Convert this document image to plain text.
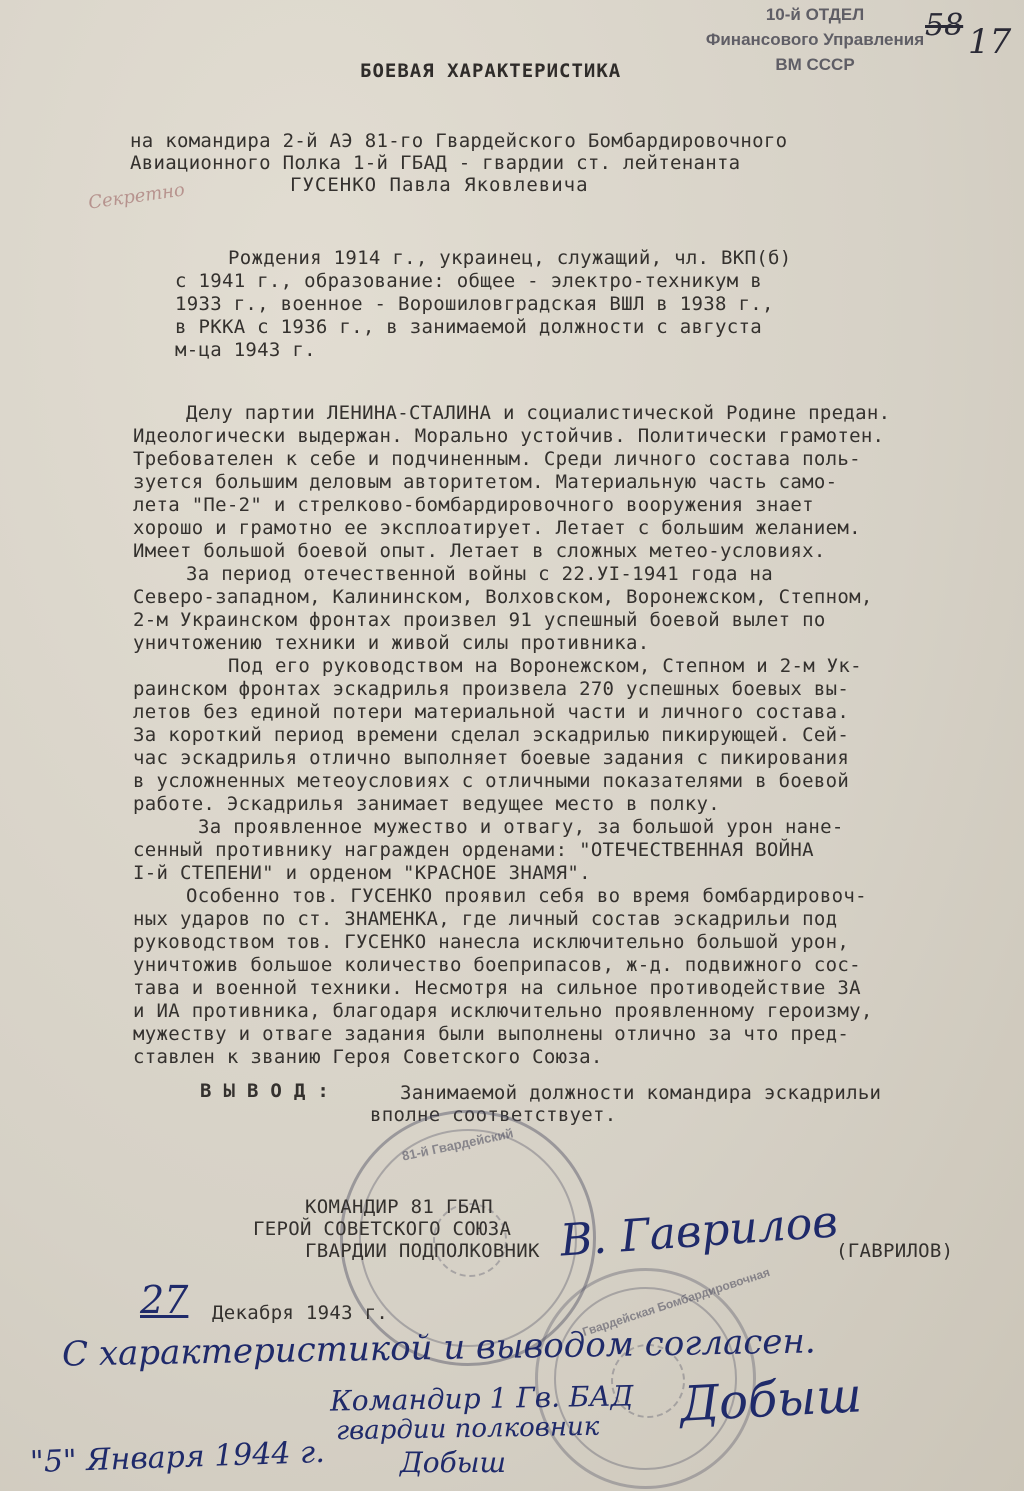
10-й ОТДЕЛ
Финансового Управления
ВМ СССР
58 17
Секретно
БОЕВАЯ ХАРАКТЕРИСТИКА
на командира 2-й АЭ 81-го Гвардейского Бомбардировочного
Авиационного Полка 1-й ГБАД - гвардии ст. лейтенанта
ГУСЕНКО Павла Яковлевича
Рождения 1914 г., украинец, служащий, чл. ВКП(б)
с 1941 г., образование: общее - электро-техникум в
1933 г., военное - Ворошиловградская ВШЛ в 1938 г.,
в РККА с 1936 г., в занимаемой должности с августа
м-ца 1943 г.
Делу партии ЛЕНИНА-СТАЛИНА и социалистической Родине предан.
Идеологически выдержан. Морально устойчив. Политически грамотен.
Требователен к себе и подчиненным. Среди личного состава поль-
зуется большим деловым авторитетом. Материальную часть само-
лета "Пе-2" и стрелково-бомбардировочного вооружения знает
хорошо и грамотно ее эксплоатирует. Летает с большим желанием.
Имеет большой боевой опыт. Летает в сложных метео-условиях.
За период отечественной войны с 22.УI-1941 года на
Северо-западном, Калининском, Волховском, Воронежском, Степном,
2-м Украинском фронтах произвел 91 успешный боевой вылет по
уничтожению техники и живой силы противника.
Под его руководством на Воронежском, Степном и 2-м Ук-
раинском фронтах эскадрилья произвела 270 успешных боевых вы-
летов без единой потери материальной части и личного состава.
За короткий период времени сделал эскадрилью пикирующей. Сей-
час эскадрилья отлично выполняет боевые задания с пикирования
в усложненных метеоусловиях с отличными показателями в боевой
работе. Эскадрилья занимает ведущее место в полку.
За проявленное мужество и отвагу, за большой урон нане-
сенный противнику награжден орденами: "ОТЕЧЕСТВЕННАЯ ВОЙНА
I-й СТЕПЕНИ" и орденом "КРАСНОЕ ЗНАМЯ".
Особенно тов. ГУСЕНКО проявил себя во время бомбардировоч-
ных ударов по ст. ЗНАМЕНКА, где личный состав эскадрильи под
руководством тов. ГУСЕНКО нанесла исключительно большой урон,
уничтожив большое количество боеприпасов, ж-д. подвижного сос-
тава и военной техники. Несмотря на сильное противодействие ЗА
и ИА противника, благодаря исключительно проявленному героизму,
мужеству и отваге задания были выполнены отлично за что пред-
ставлен к званию Героя Советского Союза.
В Ы В О Д :	Занимаемой должности командира эскадрильи
вполне соответствует.
81-й Гвардейский
КОМАНДИР 81 ГБАП
ГЕРОЙ СОВЕТСКОГО СОЮЗА
ГВАРДИИ ПОДПОЛКОВНИК	(ГАВРИЛОВ)
В. Гаврилов
27 Декабря 1943 г.	Гвардейская Бомбардировочная
С характеристикой и выводом согласен.
Командир 1 Гв. БАД
гвардии полковник Добыш
Добыш
"5" Января 1944 г.
